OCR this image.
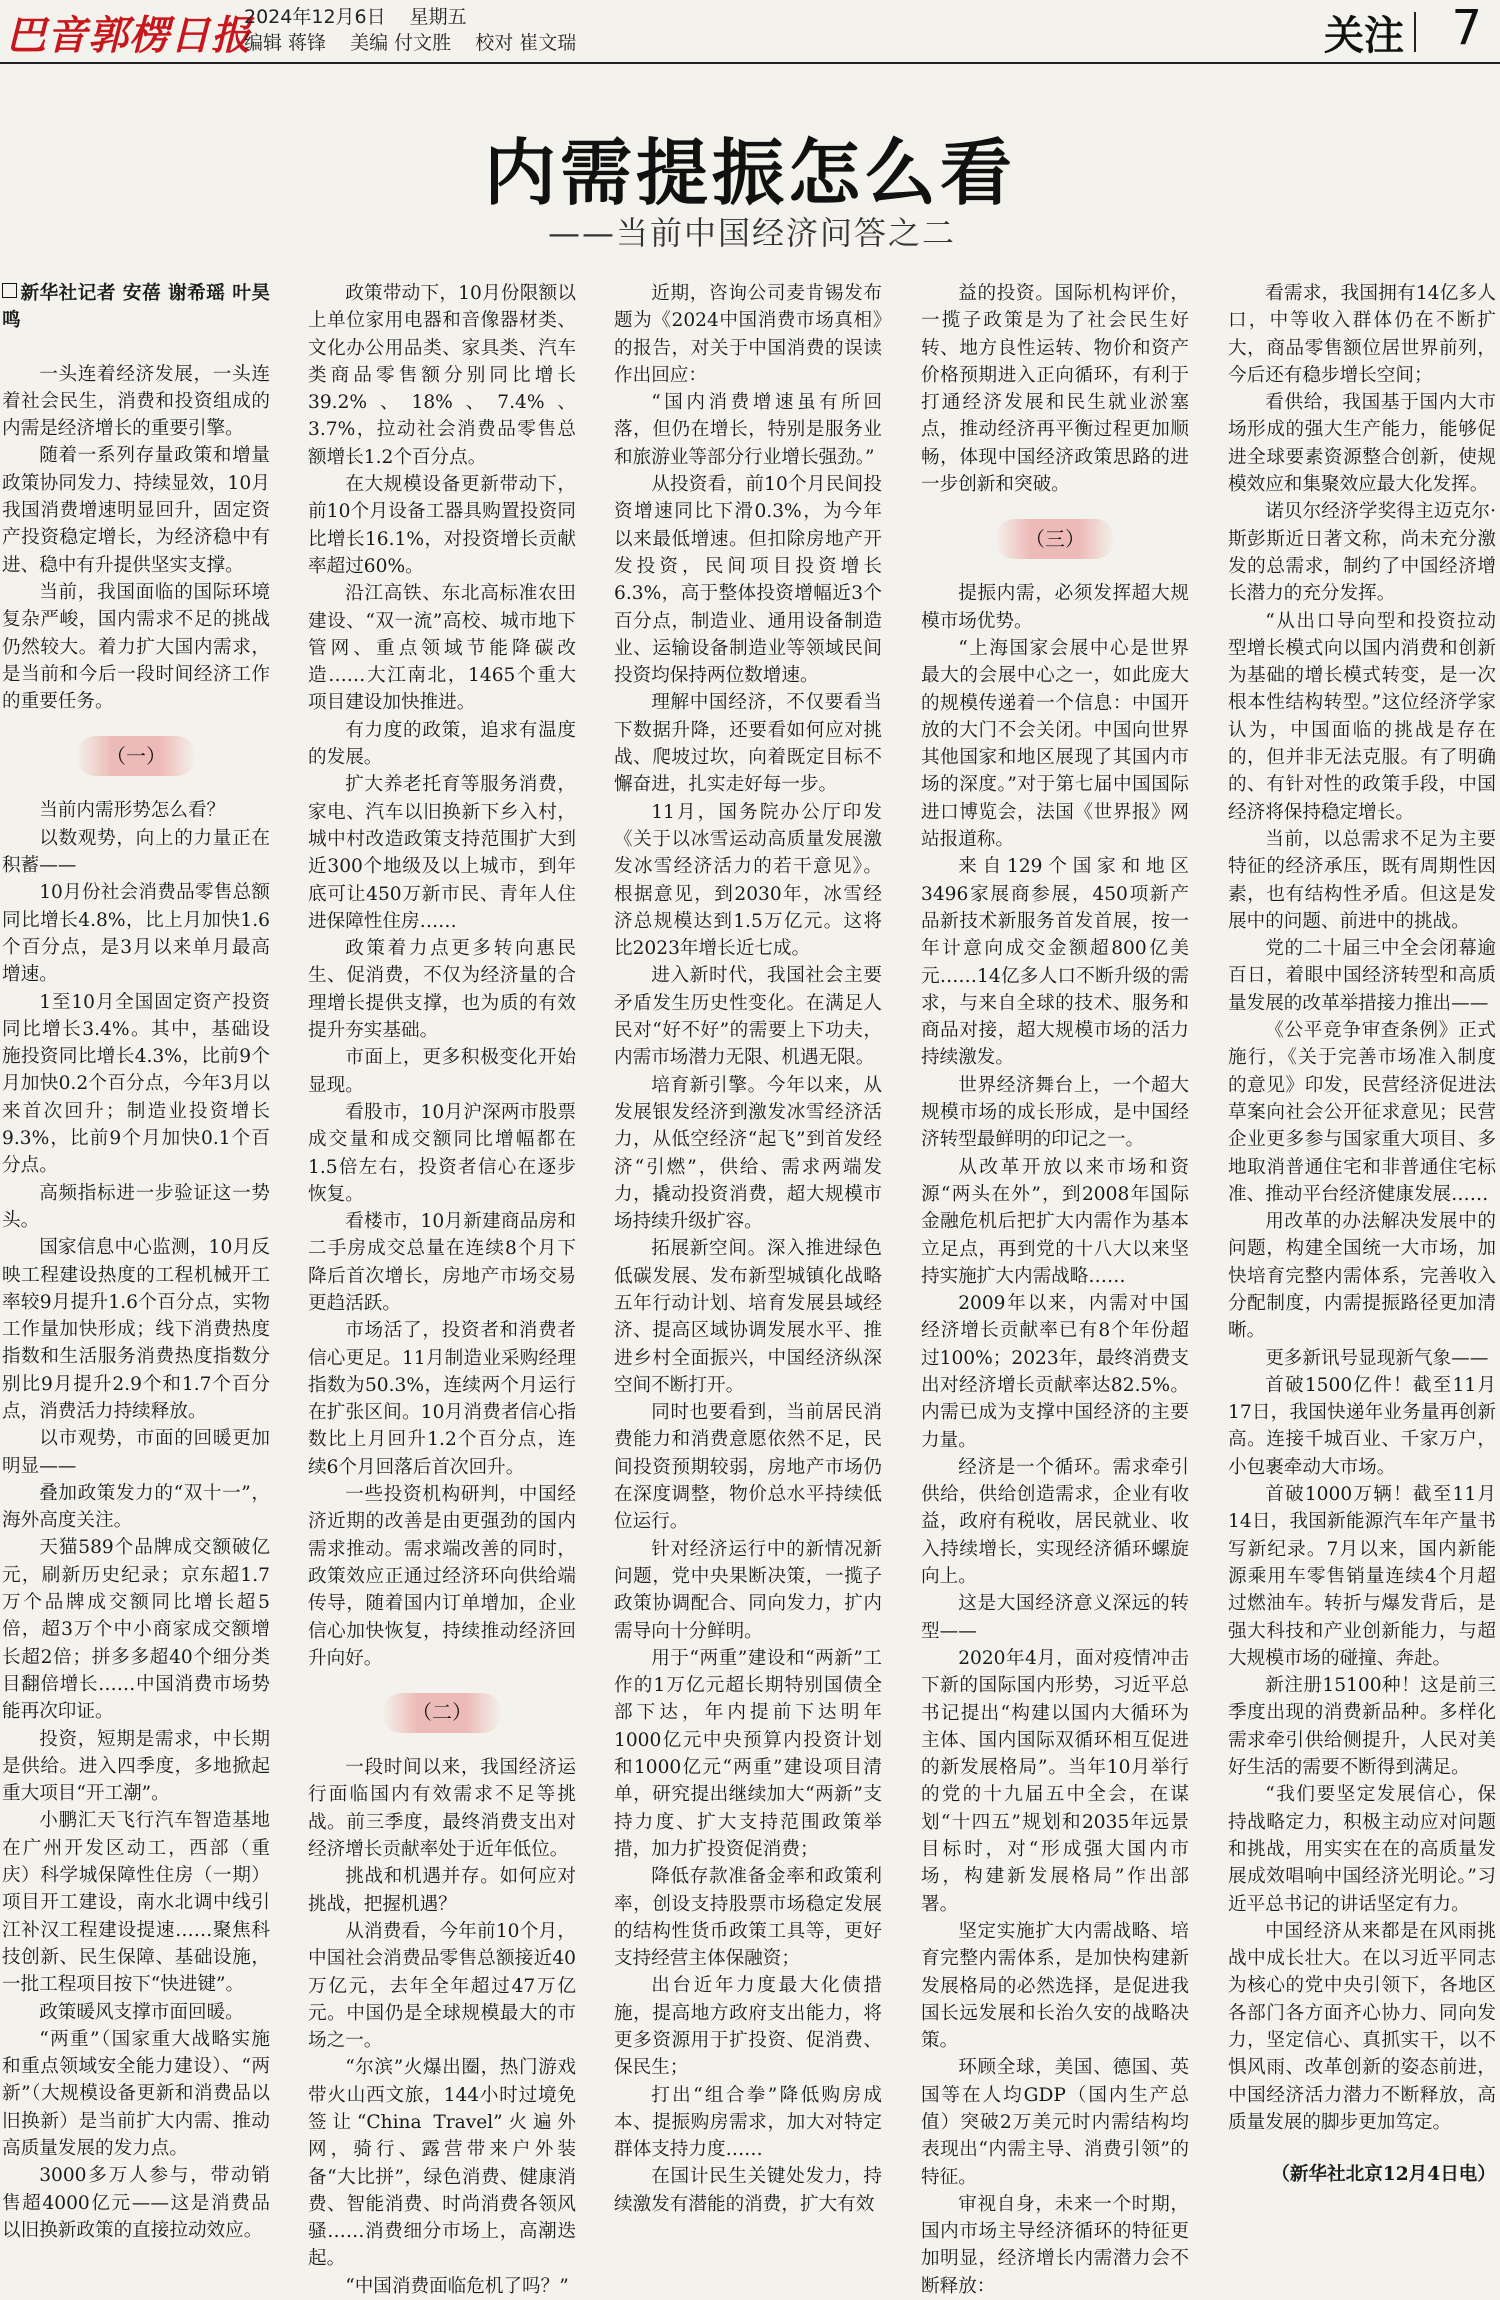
巴音郭楞日报
2024年12月6日 星期五
编辑 蒋锋 美编 付文胜 校对 崔文瑞	关注 7
内需提振怎么看
——当前中国经济问答之二

新华社记者 安蓓 谢希瑶 叶昊鸣

一头连着经济发展，一头连着社会民生，消费和投资组成的内需是经济增长的重要引擎。

随着一系列存量政策和增量政策协同发力、持续显效，10月我国消费增速明显回升，固定资产投资稳定增长，为经济稳中有进、稳中有升提供坚实支撑。

当前，我国面临的国际环境复杂严峻，国内需求不足的挑战仍然较大。着力扩大国内需求，是当前和今后一段时间经济工作的重要任务。

（一）

当前内需形势怎么看？

以数观势，向上的力量正在积蓄——

10月份社会消费品零售总额同比增长4.8%，比上月加快1.6个百分点，是3月以来单月最高增速。

1至10月全国固定资产投资同比增长3.4%。其中，基础设施投资同比增长4.3%，比前9个月加快0.2个百分点，今年3月以来首次回升；制造业投资增长9.3%，比前9个月加快0.1个百分点。

高频指标进一步验证这一势头。

国家信息中心监测，10月反映工程建设热度的工程机械开工率较9月提升1.6个百分点，实物工作量加快形成；线下消费热度指数和生活服务消费热度指数分别比9月提升2.9个和1.7个百分点，消费活力持续释放。

以市观势，市面的回暖更加明显——

叠加政策发力的“双十一”，海外高度关注。

天猫589个品牌成交额破亿元，刷新历史纪录；京东超1.7万个品牌成交额同比增长超5倍，超3万个中小商家成交额增长超2倍；拼多多超40个细分类目翻倍增长……中国消费市场势能再次印证。

投资，短期是需求，中长期是供给。进入四季度，多地掀起重大项目“开工潮”。

小鹏汇天飞行汽车智造基地在广州开发区动工，西部（重庆）科学城保障性住房（一期）项目开工建设，南水北调中线引江补汉工程建设提速……聚焦科技创新、民生保障、基础设施，一批工程项目按下“快进键”。

政策暖风支撑市面回暖。

“两重”（国家重大战略实施和重点领域安全能力建设）、“两新”（大规模设备更新和消费品以旧换新）是当前扩大内需、推动高质量发展的发力点。

3000多万人参与，带动销售超4000亿元——这是消费品以旧换新政策的直接拉动效应。

政策带动下，10月份限额以上单位家用电器和音像器材类、文化办公用品类、家具类、汽车类商品零售额分别同比增长39.2%、18%、7.4%、3.7%，拉动社会消费品零售总额增长1.2个百分点。

在大规模设备更新带动下，前10个月设备工器具购置投资同比增长16.1%，对投资增长贡献率超过60%。

沿江高铁、东北高标准农田建设、“双一流”高校、城市地下管网、重点领域节能降碳改造……大江南北，1465个重大项目建设加快推进。

有力度的政策，追求有温度的发展。

扩大养老托育等服务消费，家电、汽车以旧换新下乡入村，城中村改造政策支持范围扩大到近300个地级及以上城市，到年底可让450万新市民、青年人住进保障性住房……

政策着力点更多转向惠民生、促消费，不仅为经济量的合理增长提供支撑，也为质的有效提升夯实基础。

市面上，更多积极变化开始显现。

看股市，10月沪深两市股票成交量和成交额同比增幅都在1.5倍左右，投资者信心在逐步恢复。

看楼市，10月新建商品房和二手房成交总量在连续8个月下降后首次增长，房地产市场交易更趋活跃。

市场活了，投资者和消费者信心更足。11月制造业采购经理指数为50.3%，连续两个月运行在扩张区间。10月消费者信心指数比上月回升1.2个百分点，连续6个月回落后首次回升。

一些投资机构研判，中国经济近期的改善是由更强劲的国内需求推动。需求端改善的同时，政策效应正通过经济环向供给端传导，随着国内订单增加，企业信心加快恢复，持续推动经济回升向好。

（二）

一段时间以来，我国经济运行面临国内有效需求不足等挑战。前三季度，最终消费支出对经济增长贡献率处于近年低位。

挑战和机遇并存。如何应对挑战，把握机遇？

从消费看，今年前10个月，中国社会消费品零售总额接近40万亿元，去年全年超过47万亿元。中国仍是全球规模最大的市场之一。

“尔滨”火爆出圈，热门游戏带火山西文旅，144小时过境免签让“China Travel”火遍外网，骑行、露营带来户外装备“大比拼”，绿色消费、健康消费、智能消费、时尚消费各领风骚……消费细分市场上，高潮迭起。

“中国消费面临危机了吗？”

近期，咨询公司麦肯锡发布题为《2024中国消费市场真相》的报告，对关于中国消费的误读作出回应：

“国内消费增速虽有所回落，但仍在增长，特别是服务业和旅游业等部分行业增长强劲。”

从投资看，前10个月民间投资增速同比下滑0.3%，为今年以来最低增速。但扣除房地产开发投资，民间项目投资增长6.3%，高于整体投资增幅近3个百分点，制造业、通用设备制造业、运输设备制造业等领域民间投资均保持两位数增速。

理解中国经济，不仅要看当下数据升降，还要看如何应对挑战、爬坡过坎，向着既定目标不懈奋进，扎实走好每一步。

11月，国务院办公厅印发《关于以冰雪运动高质量发展激发冰雪经济活力的若干意见》。根据意见，到2030年，冰雪经济总规模达到1.5万亿元。这将比2023年增长近七成。

进入新时代，我国社会主要矛盾发生历史性变化。在满足人民对“好不好”的需要上下功夫，内需市场潜力无限、机遇无限。

培育新引擎。今年以来，从发展银发经济到激发冰雪经济活力，从低空经济“起飞”到首发经济“引燃”，供给、需求两端发力，撬动投资消费，超大规模市场持续升级扩容。

拓展新空间。深入推进绿色低碳发展、发布新型城镇化战略五年行动计划、培育发展县域经济、提高区域协调发展水平、推进乡村全面振兴，中国经济纵深空间不断打开。

同时也要看到，当前居民消费能力和消费意愿依然不足，民间投资预期较弱，房地产市场仍在深度调整，物价总水平持续低位运行。

针对经济运行中的新情况新问题，党中央果断决策，一揽子政策协调配合、同向发力，扩内需导向十分鲜明。

用于“两重”建设和“两新”工作的1万亿元超长期特别国债全部下达，年内提前下达明年1000亿元中央预算内投资计划和1000亿元“两重”建设项目清单，研究提出继续加大“两新”支持力度、扩大支持范围政策举措，加力扩投资促消费；

降低存款准备金率和政策利率，创设支持股票市场稳定发展的结构性货币政策工具等，更好支持经营主体保融资；

出台近年力度最大化债措施，提高地方政府支出能力，将更多资源用于扩投资、促消费、保民生；

打出“组合拳”降低购房成本、提振购房需求，加大对特定群体支持力度……

在国计民生关键处发力，持续激发有潜能的消费，扩大有效

益的投资。国际机构评价，一揽子政策是为了社会民生好转、地方良性运转、物价和资产价格预期进入正向循环，有利于打通经济发展和民生就业淤塞点，推动经济再平衡过程更加顺畅，体现中国经济政策思路的进一步创新和突破。

（三）

提振内需，必须发挥超大规模市场优势。

“上海国家会展中心是世界最大的会展中心之一，如此庞大的规模传递着一个信息：中国开放的大门不会关闭。中国向世界其他国家和地区展现了其国内市场的深度。”对于第七届中国国际进口博览会，法国《世界报》网站报道称。

来自129个国家和地区3496家展商参展，450项新产品新技术新服务首发首展，按一年计意向成交金额超800亿美元……14亿多人口不断升级的需求，与来自全球的技术、服务和商品对接，超大规模市场的活力持续激发。

世界经济舞台上，一个超大规模市场的成长形成，是中国经济转型最鲜明的印记之一。

从改革开放以来市场和资源“两头在外”，到2008年国际金融危机后把扩大内需作为基本立足点，再到党的十八大以来坚持实施扩大内需战略……

2009年以来，内需对中国经济增长贡献率已有8个年份超过100%；2023年，最终消费支出对经济增长贡献率达82.5%。内需已成为支撑中国经济的主要力量。

经济是一个循环。需求牵引供给，供给创造需求，企业有收益，政府有税收，居民就业、收入持续增长，实现经济循环螺旋向上。

这是大国经济意义深远的转型——

2020年4月，面对疫情冲击下新的国际国内形势，习近平总书记提出“构建以国内大循环为主体、国内国际双循环相互促进的新发展格局”。当年10月举行的党的十九届五中全会，在谋划“十四五”规划和2035年远景目标时，对“形成强大国内市场，构建新发展格局”作出部署。

坚定实施扩大内需战略、培育完整内需体系，是加快构建新发展格局的必然选择，是促进我国长远发展和长治久安的战略决策。

环顾全球，美国、德国、英国等在人均GDP（国内生产总值）突破2万美元时内需结构均表现出“内需主导、消费引领”的特征。

审视自身，未来一个时期，国内市场主导经济循环的特征更加明显，经济增长内需潜力会不断释放：

看需求，我国拥有14亿多人口，中等收入群体仍在不断扩大，商品零售额位居世界前列，今后还有稳步增长空间；

看供给，我国基于国内大市场形成的强大生产能力，能够促进全球要素资源整合创新，使规模效应和集聚效应最大化发挥。

诺贝尔经济学奖得主迈克尔·斯彭斯近日著文称，尚未充分激发的总需求，制约了中国经济增长潜力的充分发挥。

“从出口导向型和投资拉动型增长模式向以国内消费和创新为基础的增长模式转变，是一次根本性结构转型。”这位经济学家认为，中国面临的挑战是存在的，但并非无法克服。有了明确的、有针对性的政策手段，中国经济将保持稳定增长。

当前，以总需求不足为主要特征的经济承压，既有周期性因素，也有结构性矛盾。但这是发展中的问题、前进中的挑战。

党的二十届三中全会闭幕逾百日，着眼中国经济转型和高质量发展的改革举措接力推出——

《公平竞争审查条例》正式施行，《关于完善市场准入制度的意见》印发，民营经济促进法草案向社会公开征求意见；民营企业更多参与国家重大项目、多地取消普通住宅和非普通住宅标准、推动平台经济健康发展……

用改革的办法解决发展中的问题，构建全国统一大市场，加快培育完整内需体系，完善收入分配制度，内需提振路径更加清晰。

更多新讯号显现新气象——

首破1500亿件！截至11月17日，我国快递年业务量再创新高。连接千城百业、千家万户，小包裹牵动大市场。

首破1000万辆！截至11月14日，我国新能源汽车年产量书写新纪录。7月以来，国内新能源乘用车零售销量连续4个月超过燃油车。转折与爆发背后，是强大科技和产业创新能力，与超大规模市场的碰撞、奔赴。

新注册15100种！这是前三季度出现的消费新品种。多样化需求牵引供给侧提升，人民对美好生活的需要不断得到满足。

“我们要坚定发展信心，保持战略定力，积极主动应对问题和挑战，用实实在在的高质量发展成效唱响中国经济光明论。”习近平总书记的讲话坚定有力。

中国经济从来都是在风雨挑战中成长壮大。在以习近平同志为核心的党中央引领下，各地区各部门各方面齐心协力、同向发力，坚定信心、真抓实干，以不惧风雨、改革创新的姿态前进，中国经济活力潜力不断释放，高质量发展的脚步更加笃定。

（新华社北京12月4日电）
